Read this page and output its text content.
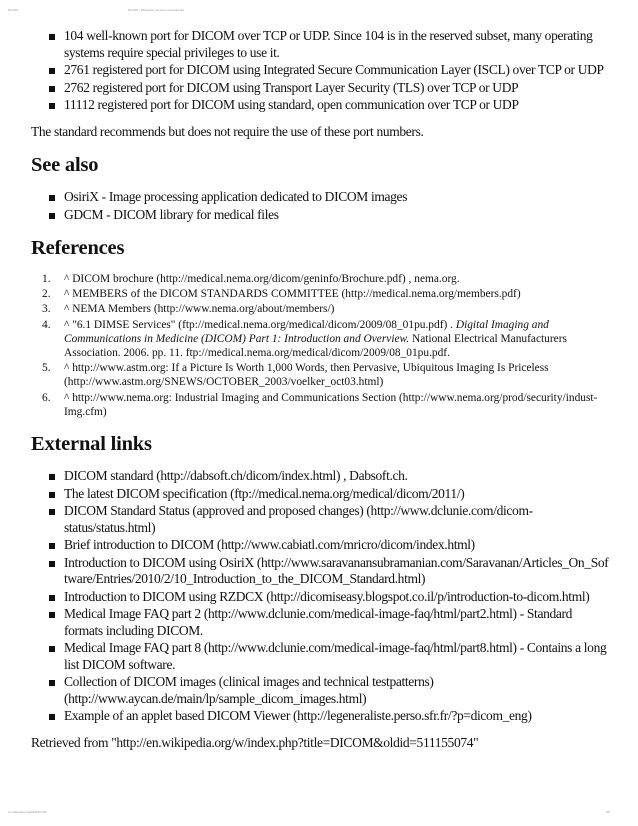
DICOM	DICOM - Wikipedia, the free encyclopedia
104 well-known port for DICOM over TCP or UDP. Since 104 is in the reserved subset, many operating systems require special privileges to use it.
2761 registered port for DICOM using Integrated Secure Communication Layer (ISCL) over TCP or UDP
2762 registered port for DICOM using Transport Layer Security (TLS) over TCP or UDP
11112 registered port for DICOM using standard, open communication over TCP or UDP

The standard recommends but does not require the use of these port numbers.

See also
OsiriX - Image processing application dedicated to DICOM images
GDCM - DICOM library for medical files
References
1. ^ DICOM brochure (http://medical.nema.org/dicom/geninfo/Brochure.pdf) , nema.org.
2. ^ MEMBERS of the DICOM STANDARDS COMMITTEE (http://medical.nema.org/members.pdf)
3. ^ NEMA Members (http://www.nema.org/about/members/)
4. ^ "6.1 DIMSE Services" (ftp://medical.nema.org/medical/dicom/2009/08_01pu.pdf) . Digital Imaging and Communications in Medicine (DICOM) Part 1: Introduction and Overview. National Electrical Manufacturers Association. 2006. pp. 11. ftp://medical.nema.org/medical/dicom/2009/08_01pu.pdf.
5. ^ http://www.astm.org: If a Picture Is Worth 1,000 Words, then Pervasive, Ubiquitous Imaging Is Priceless (http://www.astm.org/SNEWS/OCTOBER_2003/voelker_oct03.html)
6. ^ http://www.nema.org: Industrial Imaging and Communications Section (http://www.nema.org/prod/security/indust-Img.cfm)
External links
DICOM standard (http://dabsoft.ch/dicom/index.html) , Dabsoft.ch.
The latest DICOM specification (ftp://medical.nema.org/medical/dicom/2011/)
DICOM Standard Status (approved and proposed changes) (http://www.dclunie.com/dicom-status/status.html)
Brief introduction to DICOM (http://www.cabiatl.com/mricro/dicom/index.html)
Introduction to DICOM using OsiriX (http://www.saravanansubramanian.com/Saravanan/Articles_On_Software/Entries/2010/2/10_Introduction_to_the_DICOM_Standard.html)
Introduction to DICOM using RZDCX (http://dicomiseasy.blogspot.co.il/p/introduction-to-dicom.html)
Medical Image FAQ part 2 (http://www.dclunie.com/medical-image-faq/html/part2.html) - Standard formats including DICOM.
Medical Image FAQ part 8 (http://www.dclunie.com/medical-image-faq/html/part8.html) - Contains a long list DICOM software.
Collection of DICOM images (clinical images and technical testpatterns) (http://www.aycan.de/main/lp/sample_dicom_images.html)
Example of an applet based DICOM Viewer (http://legeneraliste.perso.sfr.fr/?p=dicom_eng)

Retrieved from "http://en.wikipedia.org/w/index.php?title=DICOM&oldid=511155074"

en.wikipedia.org/wiki/DICOM	5/5
